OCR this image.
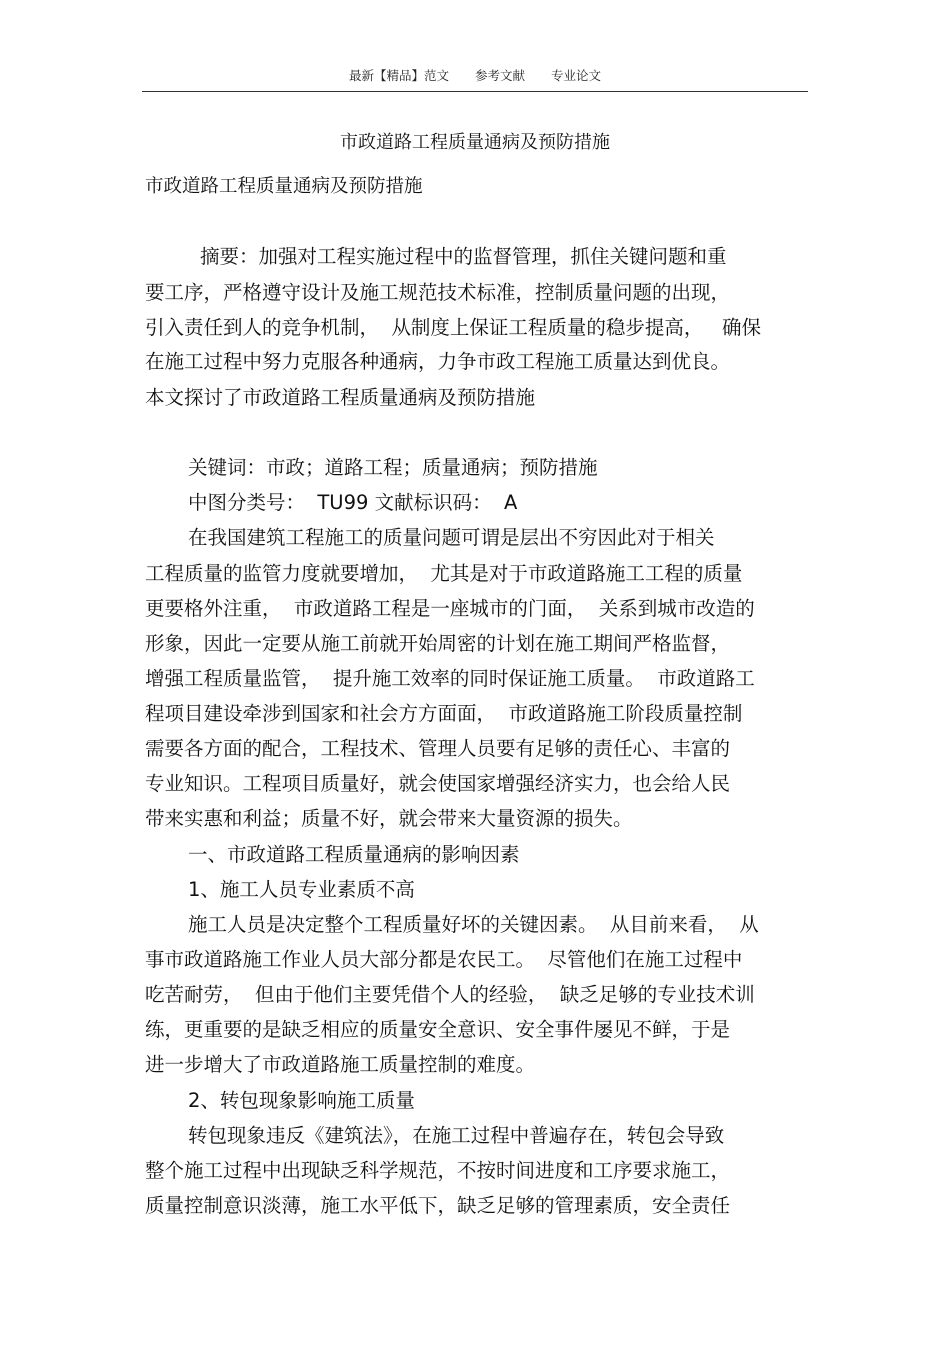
最新【精品】范文 参考文献 专业论文
市政道路工程质量通病及预防措施
市政道路工程质量通病及预防措施
摘要：加强对工程实施过程中的监督管理，抓住关键问题和重
要工序，严格遵守设计及施工规范技术标准，控制质量问题的出现，
引入责任到人的竞争机制，  从制度上保证工程质量的稳步提高，   确保
在施工过程中努力克服各种通病，力争市政工程施工质量达到优良。
本文探讨了市政道路工程质量通病及预防措施
关键词：市政；道路工程；质量通病；预防措施
中图分类号：  TU99 文献标识码：  A
在我国建筑工程施工的质量问题可谓是层出不穷因此对于相关
工程质量的监管力度就要增加，  尤其是对于市政道路施工工程的质量
更要格外注重，  市政道路工程是一座城市的门面，  关系到城市改造的
形象，因此一定要从施工前就开始周密的计划在施工期间严格监督，
增强工程质量监管，  提升施工效率的同时保证施工质量。  市政道路工
程项目建设牵涉到国家和社会方方面面，  市政道路施工阶段质量控制
需要各方面的配合，工程技术、管理人员要有足够的责任心、丰富的
专业知识。工程项目质量好，就会使国家增强经济实力，也会给人民
带来实惠和利益；质量不好，就会带来大量资源的损失。
一、市政道路工程质量通病的影响因素
1、施工人员专业素质不高
施工人员是决定整个工程质量好坏的关键因素。  从目前来看，  从
事市政道路施工作业人员大部分都是农民工。  尽管他们在施工过程中
吃苦耐劳，  但由于他们主要凭借个人的经验，  缺乏足够的专业技术训
练，更重要的是缺乏相应的质量安全意识、安全事件屡见不鲜，于是
进一步增大了市政道路施工质量控制的难度。
2、转包现象影响施工质量
转包现象违反《建筑法》，在施工过程中普遍存在，转包会导致
整个施工过程中出现缺乏科学规范，不按时间进度和工序要求施工，
质量控制意识淡薄，施工水平低下，缺乏足够的管理素质，安全责任
